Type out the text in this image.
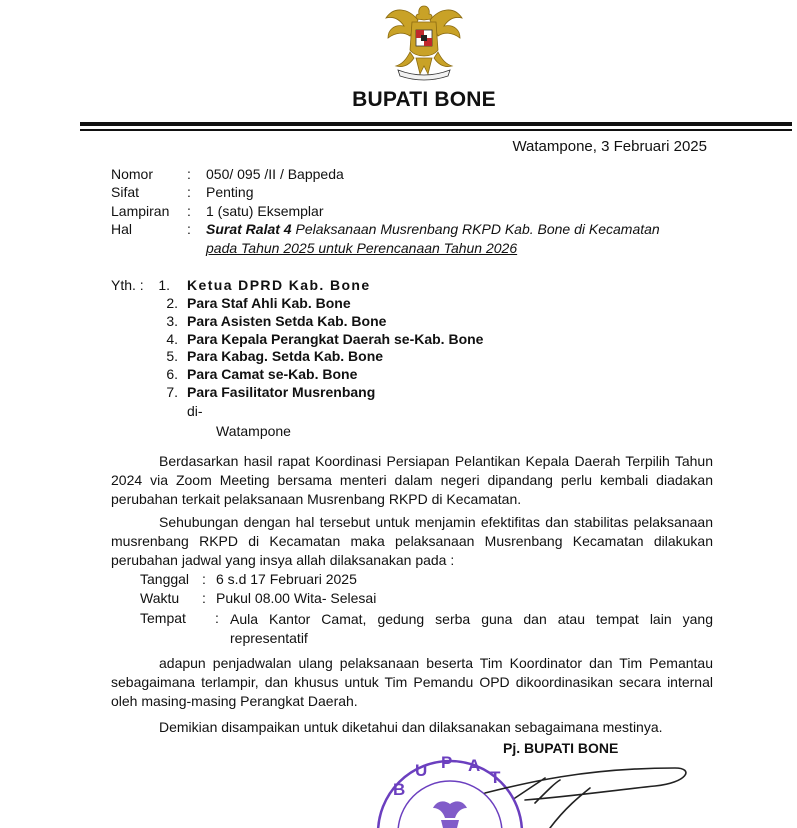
BUPATI BONE
Watampone, 3 Februari 2025
Nomor : 050/ 095 /II / Bappeda
Sifat	: Penting
Lampiran : 1 (satu) Eksemplar
Hal	: Surat Ralat 4 Pelaksanaan Musrenbang RKPD Kab. Bone di Kecamatan
pada Tahun 2025 untuk Perencanaan Tahun 2026
Yth. :	1. Ketua DPRD Kab. Bone
2. Para Staf Ahli Kab. Bone
3. Para Asisten Setda Kab. Bone
4. Para Kepala Perangkat Daerah se-Kab. Bone
5. Para Kabag. Setda Kab. Bone
6. Para Camat se-Kab. Bone
7. Para Fasilitator Musrenbang
di-
Watampone
Berdasarkan hasil rapat Koordinasi Persiapan Pelantikan Kepala Daerah Terpilih Tahun 2024 via Zoom Meeting bersama menteri dalam negeri dipandang perlu kembali diadakan perubahan terkait pelaksanaan Musrenbang RKPD di Kecamatan.
Sehubungan dengan hal tersebut untuk menjamin efektifitas dan stabilitas pelaksanaan musrenbang RKPD di Kecamatan maka pelaksanaan Musrenbang Kecamatan dilakukan perubahan jadwal yang insya allah dilaksanakan pada :
Tanggal : 6 s.d 17 Februari 2025
Waktu : Pukul 08.00 Wita- Selesai
Tempat : Aula Kantor Camat, gedung serba guna dan atau tempat lain yang representatif
adapun penjadwalan ulang pelaksanaan beserta Tim Koordinator dan Tim Pemantau sebagaimana terlampir, dan khusus untuk Tim Pemandu OPD dikoordinasikan secara internal oleh masing-masing Perangkat Daerah.
Demikian disampaikan untuk diketahui dan dilaksanakan sebagaimana mestinya.
Pj. BUPATI BONE
B
U P A
T
